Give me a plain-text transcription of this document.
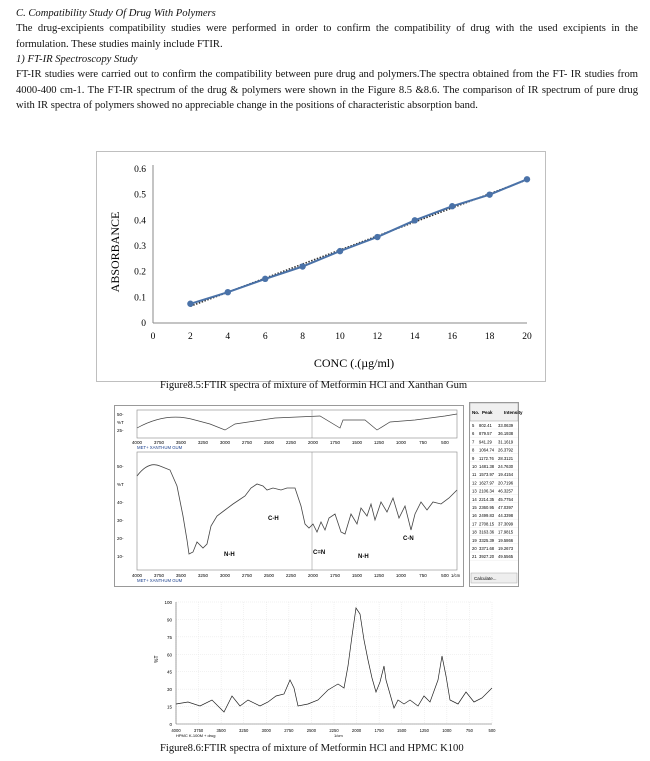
C. Compatibility Study Of Drug With Polymers
The drug-excipients compatibility studies were performed in order to confirm the compatibility of drug with the used excipients in the formulation. These studies mainly include FTIR.
1) FT-IR Spectroscopy Study
FT-IR studies were carried out to confirm the compatibility between pure drug and polymers.The spectra obtained from the FT- IR studies from 4000-400 cm-1. The FT-IR spectrum of the drug & polymers were shown in the Figure 8.5 &8.6. The comparison of IR spectrum of pure drug with IR spectra of polymers showed no appreciable change in the positions of characteristic absorption band.
0
0.1
0.2
0.3
0.4
0.5
0.6
0	2	4	6	8	10	12	14	16	18	20
CONC (.(µg/ml)
ABSORBANCE
Figure8.5:FTIR spectra of mixture of Metformin HCl and Xanthan Gum
50-
%T
25-
4000	3750	3500	3250	3000	2750	2500	2250	2000	1750	1500	1250	1000	750	500
MET+ XANTHUM GUM
50-
%T
40-
30-
20-
10-
C-H
N-H	C=N
N-H
C-N
4000	3750	3500	3250	3000	2750	2500	2250	2000	1750	1500	1250	1000	750	500
MET+ XANTHUM GUM
1/cm
No. Peak	Intensity
5 802.41 33.0639
6 879.57 36.1938
7 941.29 31.1619
8 1064.74 26.3792
9 1172.76 28.3121
10 1481.38 24.7630
11 1573.97 19.4154
12 1627.97 20.7196
13 2106.34 46.3257
14 2214.35 45.7754
15 2360.95 47.0397
16 2499.83 44.3398
17 2708.15 37.3099
18 3163.36 17.9815
19 3325.39 19.5866
20 3371.68 19.2673
21 3927.20 49.5565
Calculate...
100
90
75
60
45
30
15
0
%T
4000	3750	3500	3250	3000	2750	2500	2250	2000	1750	1500	1250	1000	750	500
HPMC K-100M + drug	1/cm
Figure8.6:FTIR spectra of mixture of Metformin HCl and HPMC K100
